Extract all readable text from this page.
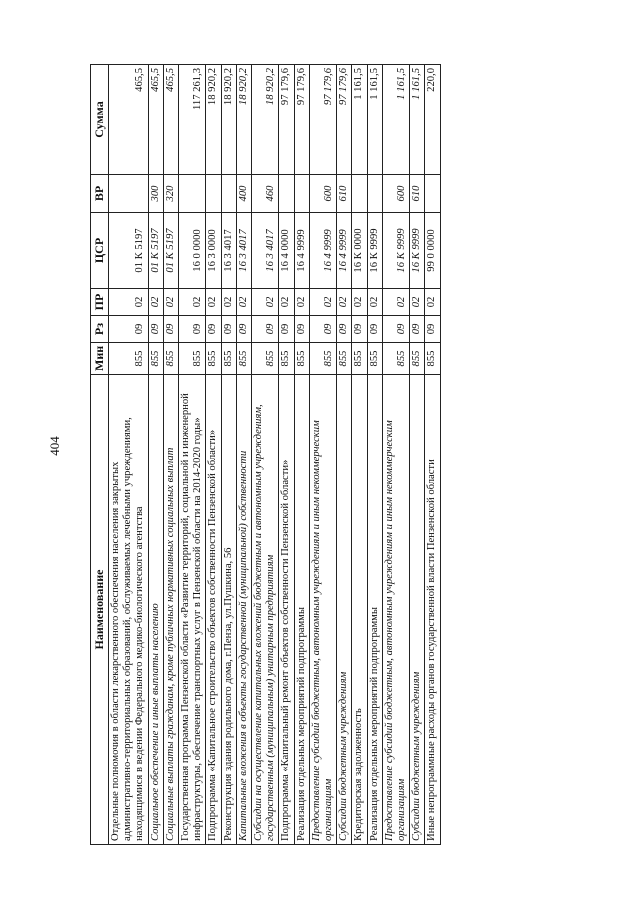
404
Наименование	Мин	Рз	ПР	ЦСР	ВР	Сумма
Отдельные полномочия в области лекарственного обеспечения населения закрытых административно-территориальных образований, обслуживаемых лечебными учреждениями, находящимися в ведении Федерального медико-биологического агентства	855	09	02	01 К 5197		465,5
Социальное обеспечение и иные выплаты населению	855	09	02	01 К 5197	300	465,5
Социальные выплаты гражданам, кроме публичных нормативных социальных выплат	855	09	02	01 К 5197	320	465,5
Государственная программа Пензенской области «Развитие территорий, социальной и инженерной инфраструктуры, обеспечение транспортных услуг в Пензенской области на 2014-2020 годы»	855	09	02	16 0 0000		117 261,3
Подпрограмма «Капитальное строительство объектов собственности Пензенской области»	855	09	02	16 3 0000		18 920,2
Реконструкция здания родильного дома, г.Пенза, ул.Пушкина, 56	855	09	02	16 3 4017		18 920,2
Капитальные вложения в объекты государственной (муниципальной) собственности	855	09	02	16 3 4017	400	18 920,2
Субсидии на осуществление капитальных вложений бюджетным и автономным учреждениям, государственным (муниципальным) унитарным предприятиям	855	09	02	16 3 4017	460	18 920,2
Подпрограмма «Капитальный ремонт объектов собственности Пензенской области»	855	09	02	16 4 0000		97 179,6
Реализация отдельных мероприятий подпрограммы	855	09	02	16 4 9999		97 179,6
Предоставление субсидий бюджетным, автономным учреждениям и иным некоммерческим организациям	855	09	02	16 4 9999	600	97 179,6
Субсидии бюджетным учреждениям	855	09	02	16 4 9999	610	97 179,6
Кредиторская задолженность	855	09	02	16 К 0000		1 161,5
Реализация отдельных мероприятий подпрограммы	855	09	02	16 К 9999		1 161,5
Предоставление субсидий бюджетным, автономным учреждениям и иным некоммерческим организациям	855	09	02	16 К 9999	600	1 161,5
Субсидии бюджетным учреждениям	855	09	02	16 К 9999	610	1 161,5
Иные непрограммные расходы органов государственной власти Пензенской области	855	09	02	99 0 0000		220,0
